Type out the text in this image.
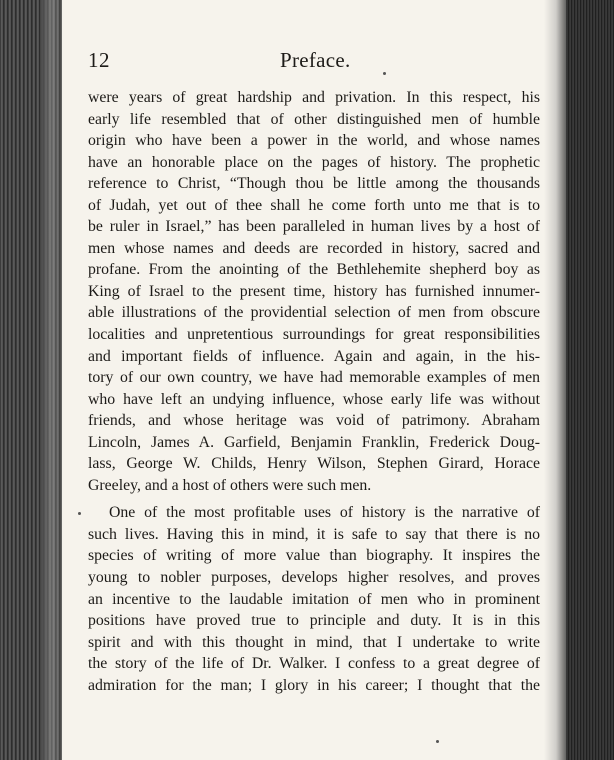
12	Preface.
were years of great hardship and privation. In this respect, his
early life resembled that of other distinguished men of humble
origin who have been a power in the world, and whose names
have an honorable place on the pages of history. The prophetic
reference to Christ, “Though thou be little among the thousands
of Judah, yet out of thee shall he come forth unto me that is to
be ruler in Israel,” has been paralleled in human lives by a host of
men whose names and deeds are recorded in history, sacred and
profane. From the anointing of the Bethlehemite shepherd boy as
King of Israel to the present time, history has furnished innumer-
able illustrations of the providential selection of men from obscure
localities and unpretentious surroundings for great responsibilities
and important fields of influence. Again and again, in the his-
tory of our own country, we have had memorable examples of men
who have left an undying influence, whose early life was without
friends, and whose heritage was void of patrimony. Abraham
Lincoln, James A. Garfield, Benjamin Franklin, Frederick Doug-
lass, George W. Childs, Henry Wilson, Stephen Girard, Horace
Greeley, and a host of others were such men.
One of the most profitable uses of history is the narrative of
such lives. Having this in mind, it is safe to say that there is no
species of writing of more value than biography. It inspires the
young to nobler purposes, develops higher resolves, and proves
an incentive to the laudable imitation of men who in prominent
positions have proved true to principle and duty. It is in this
spirit and with this thought in mind, that I undertake to write
the story of the life of Dr. Walker. I confess to a great degree of
admiration for the man; I glory in his career; I thought that the
